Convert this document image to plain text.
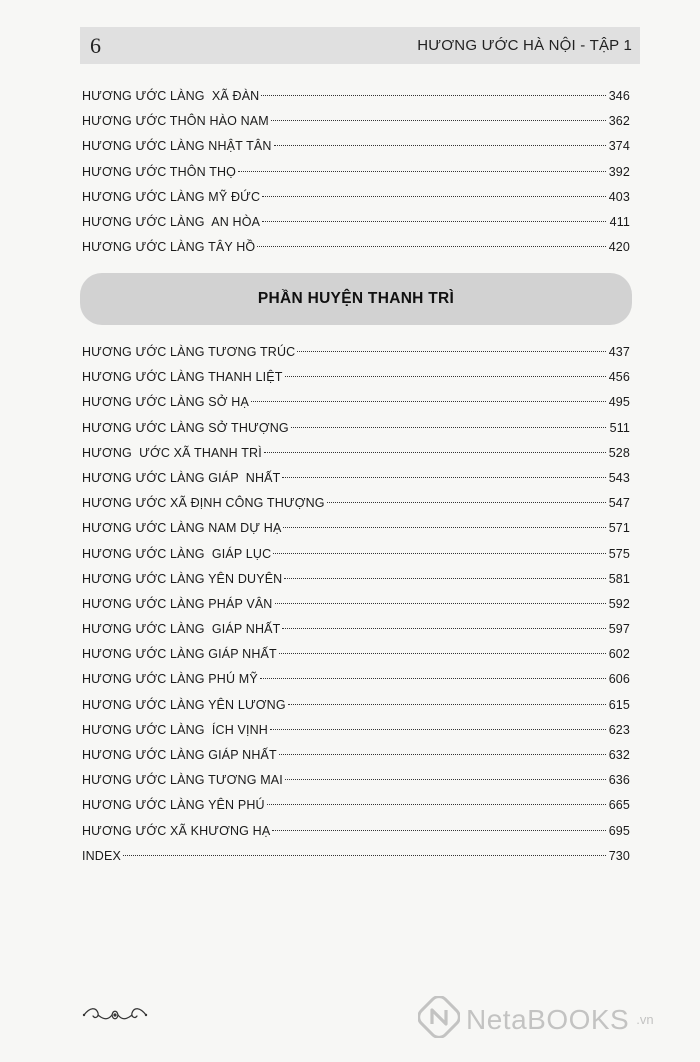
6	HƯƠNG ƯỚC HÀ NỘI - TẬP 1
HƯƠNG ƯỚC LÀNG  XÃ ĐÀN	346
HƯƠNG ƯỚC THÔN HÀO NAM	362
HƯƠNG ƯỚC LÀNG NHẬT TÂN	374
HƯƠNG ƯỚC THÔN THỌ	392
HƯƠNG ƯỚC LÀNG MỸ ĐỨC	403
HƯƠNG ƯỚC LÀNG  AN HÒA	411
HƯƠNG ƯỚC LÀNG TÂY HỒ	420
PHẦN HUYỆN THANH TRÌ
HƯƠNG ƯỚC LÀNG TƯƠNG TRÚC	437
HƯƠNG ƯỚC LÀNG THANH LIỆT	456
HƯƠNG ƯỚC LÀNG SỞ HẠ	495
HƯƠNG ƯỚC LÀNG SỞ THƯỢNG	511
HƯƠNG  ƯỚC XÃ THANH TRÌ	528
HƯƠNG ƯỚC LÀNG GIÁP  NHẤT	543
HƯƠNG ƯỚC XÃ ĐỊNH CÔNG THƯỢNG	547
HƯƠNG ƯỚC LÀNG NAM DỰ HẠ	571
HƯƠNG ƯỚC LÀNG  GIÁP LỤC	575
HƯƠNG ƯỚC LÀNG YÊN DUYÊN	581
HƯƠNG ƯỚC LÀNG PHÁP VÂN	592
HƯƠNG ƯỚC LÀNG  GIÁP NHẤT	597
HƯƠNG ƯỚC LÀNG GIÁP NHẤT	602
HƯƠNG ƯỚC LÀNG PHÚ MỸ	606
HƯƠNG ƯỚC LÀNG YÊN LƯƠNG	615
HƯƠNG ƯỚC LÀNG  ÍCH VỊNH	623
HƯƠNG ƯỚC LÀNG GIÁP NHẤT	632
HƯƠNG ƯỚC LÀNG TƯƠNG MAI	636
HƯƠNG ƯỚC LÀNG YÊN PHÚ	665
HƯƠNG ƯỚC XÃ KHƯƠNG HẠ	695
INDEX	730
NetaBOOKS .vn
